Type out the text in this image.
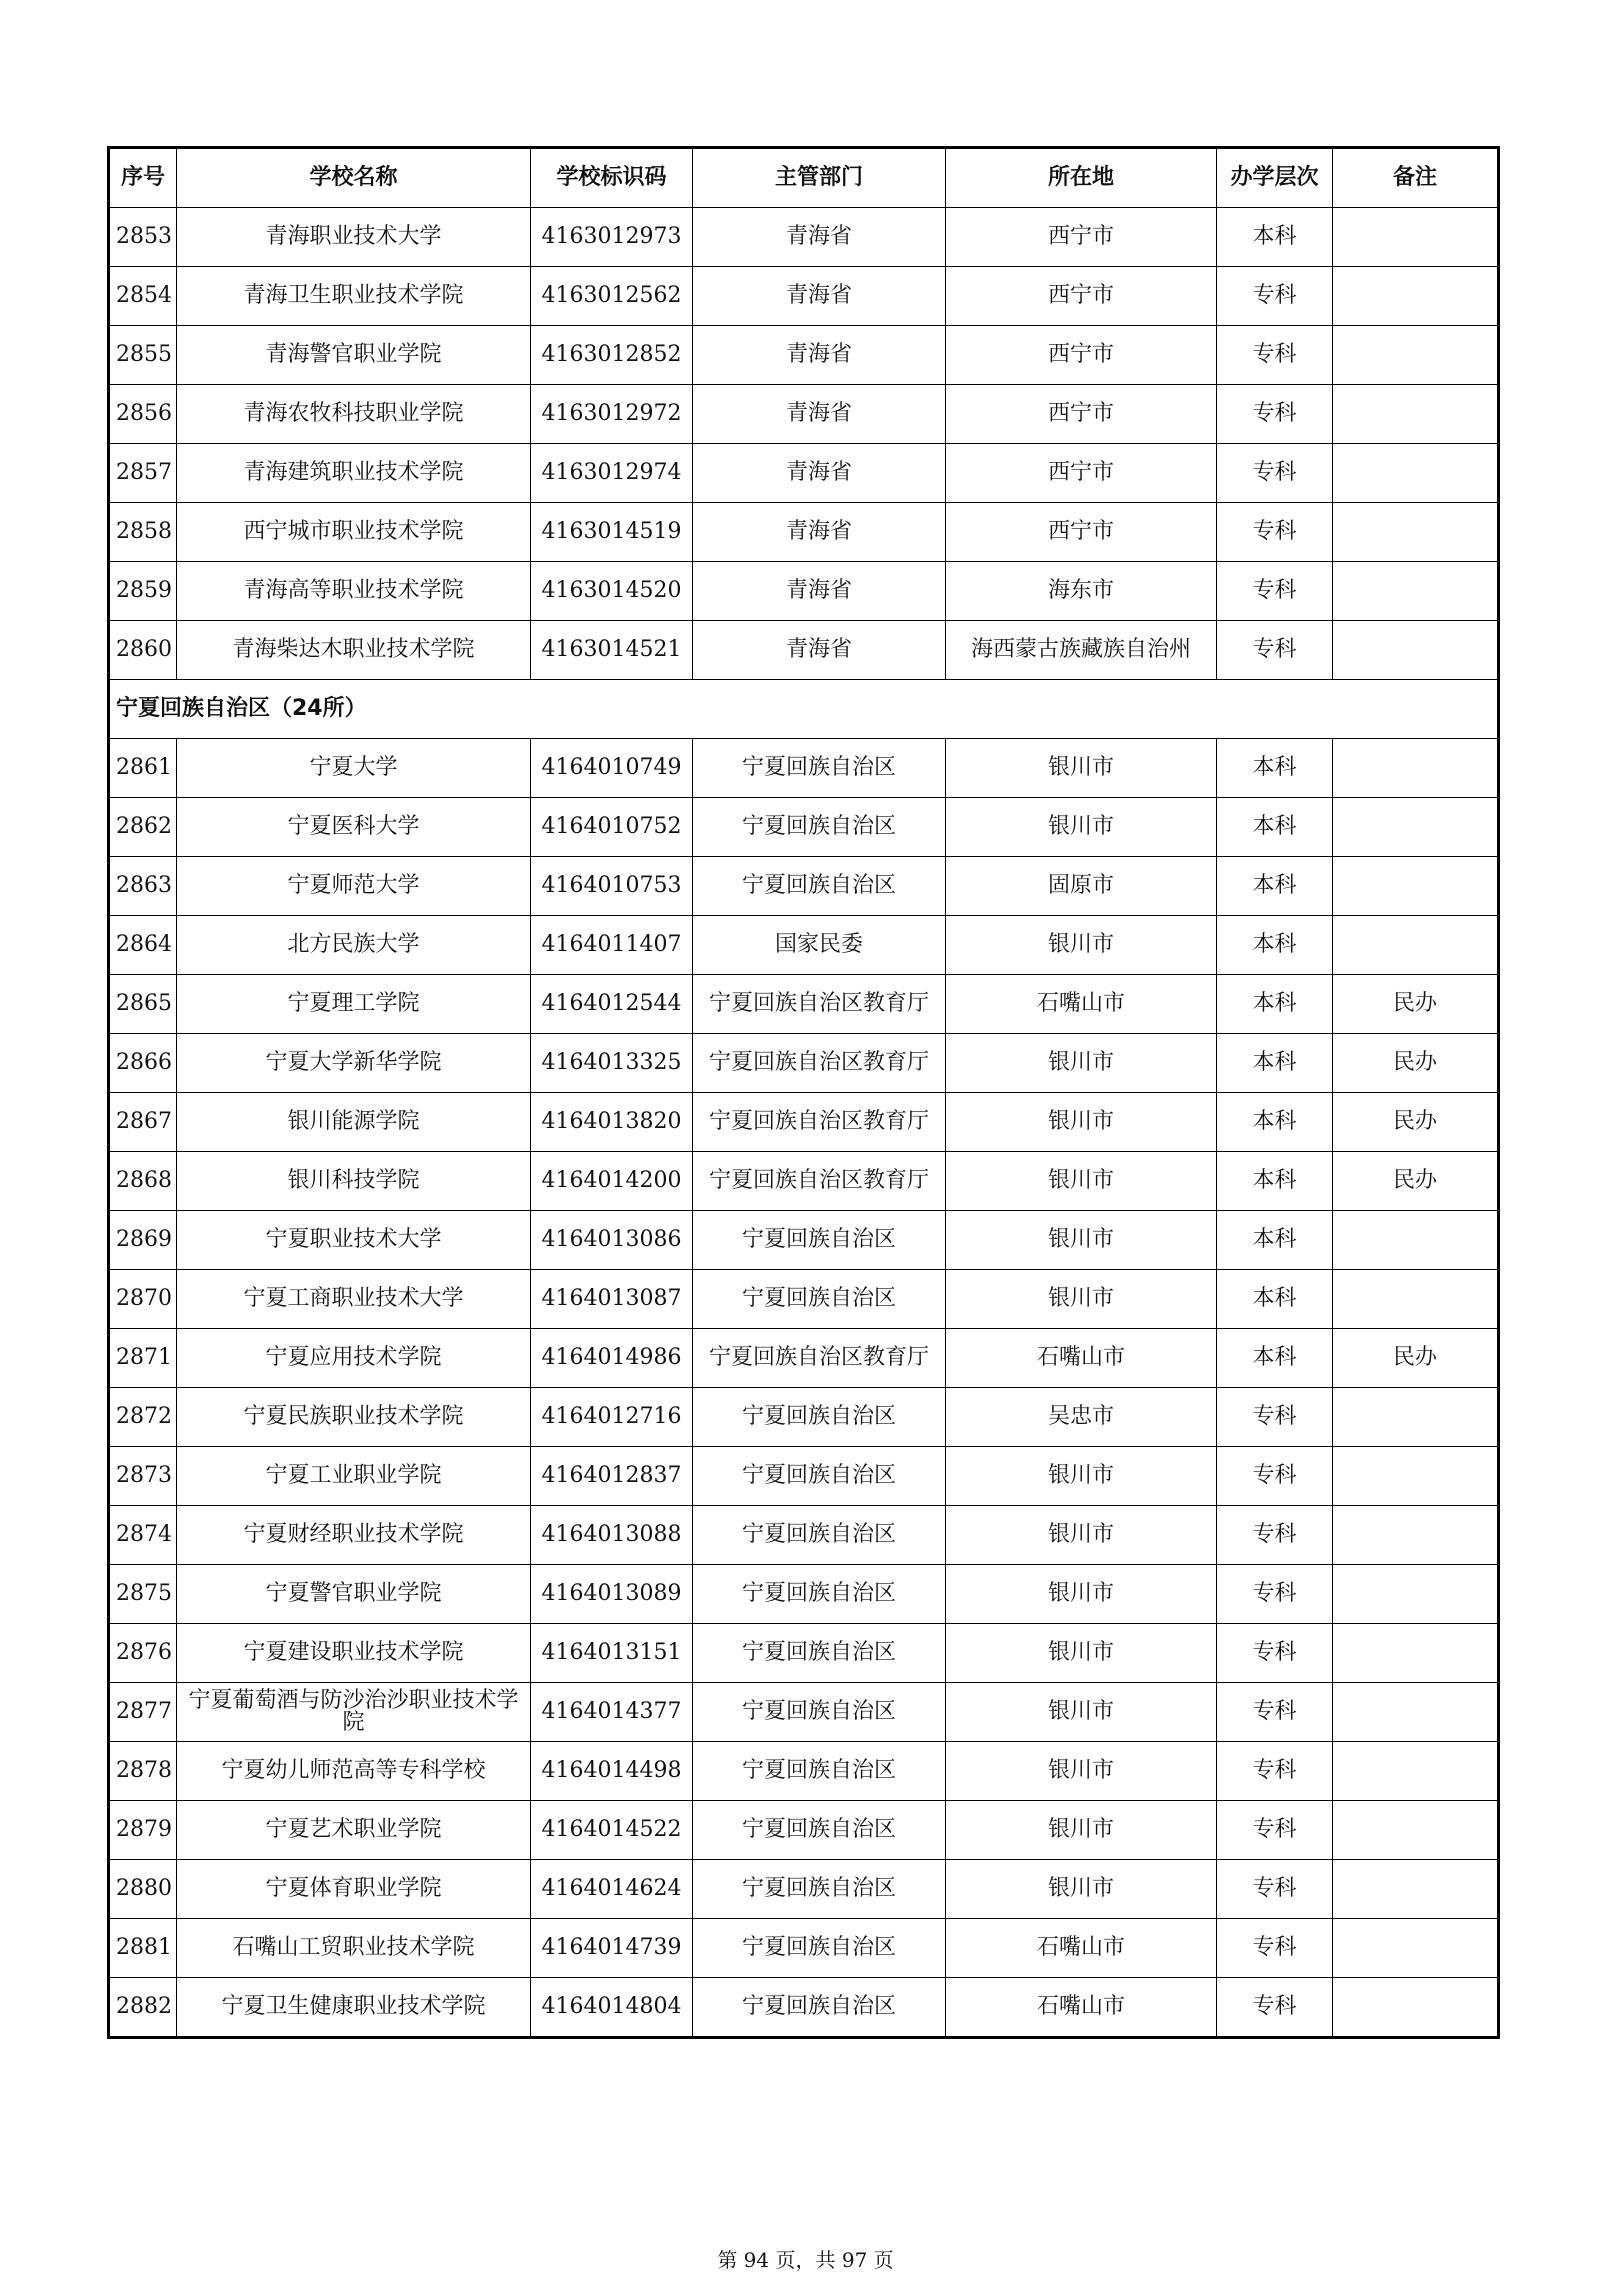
序号	学校名称	学校标识码	主管部门	所在地	办学层次	备注
2853	青海职业技术大学	4163012973	青海省	西宁市	本科	
2854	青海卫生职业技术学院	4163012562	青海省	西宁市	专科	
2855	青海警官职业学院	4163012852	青海省	西宁市	专科	
2856	青海农牧科技职业学院	4163012972	青海省	西宁市	专科	
2857	青海建筑职业技术学院	4163012974	青海省	西宁市	专科	
2858	西宁城市职业技术学院	4163014519	青海省	西宁市	专科	
2859	青海高等职业技术学院	4163014520	青海省	海东市	专科	
2860	青海柴达木职业技术学院	4163014521	青海省	海西蒙古族藏族自治州	专科	
宁夏回族自治区（24所）						
2861	宁夏大学	4164010749	宁夏回族自治区	银川市	本科	
2862	宁夏医科大学	4164010752	宁夏回族自治区	银川市	本科	
2863	宁夏师范大学	4164010753	宁夏回族自治区	固原市	本科	
2864	北方民族大学	4164011407	国家民委	银川市	本科	
2865	宁夏理工学院	4164012544	宁夏回族自治区教育厅	石嘴山市	本科	民办
2866	宁夏大学新华学院	4164013325	宁夏回族自治区教育厅	银川市	本科	民办
2867	银川能源学院	4164013820	宁夏回族自治区教育厅	银川市	本科	民办
2868	银川科技学院	4164014200	宁夏回族自治区教育厅	银川市	本科	民办
2869	宁夏职业技术大学	4164013086	宁夏回族自治区	银川市	本科	
2870	宁夏工商职业技术大学	4164013087	宁夏回族自治区	银川市	本科	
2871	宁夏应用技术学院	4164014986	宁夏回族自治区教育厅	石嘴山市	本科	民办
2872	宁夏民族职业技术学院	4164012716	宁夏回族自治区	吴忠市	专科	
2873	宁夏工业职业学院	4164012837	宁夏回族自治区	银川市	专科	
2874	宁夏财经职业技术学院	4164013088	宁夏回族自治区	银川市	专科	
2875	宁夏警官职业学院	4164013089	宁夏回族自治区	银川市	专科	
2876	宁夏建设职业技术学院	4164013151	宁夏回族自治区	银川市	专科	
2877	宁夏葡萄酒与防沙治沙职业技术学院	4164014377	宁夏回族自治区	银川市	专科	
2878	宁夏幼儿师范高等专科学校	4164014498	宁夏回族自治区	银川市	专科	
2879	宁夏艺术职业学院	4164014522	宁夏回族自治区	银川市	专科	
2880	宁夏体育职业学院	4164014624	宁夏回族自治区	银川市	专科	
2881	石嘴山工贸职业技术学院	4164014739	宁夏回族自治区	石嘴山市	专科	
2882	宁夏卫生健康职业技术学院	4164014804	宁夏回族自治区	石嘴山市	专科	
第 94 页，共 97 页
